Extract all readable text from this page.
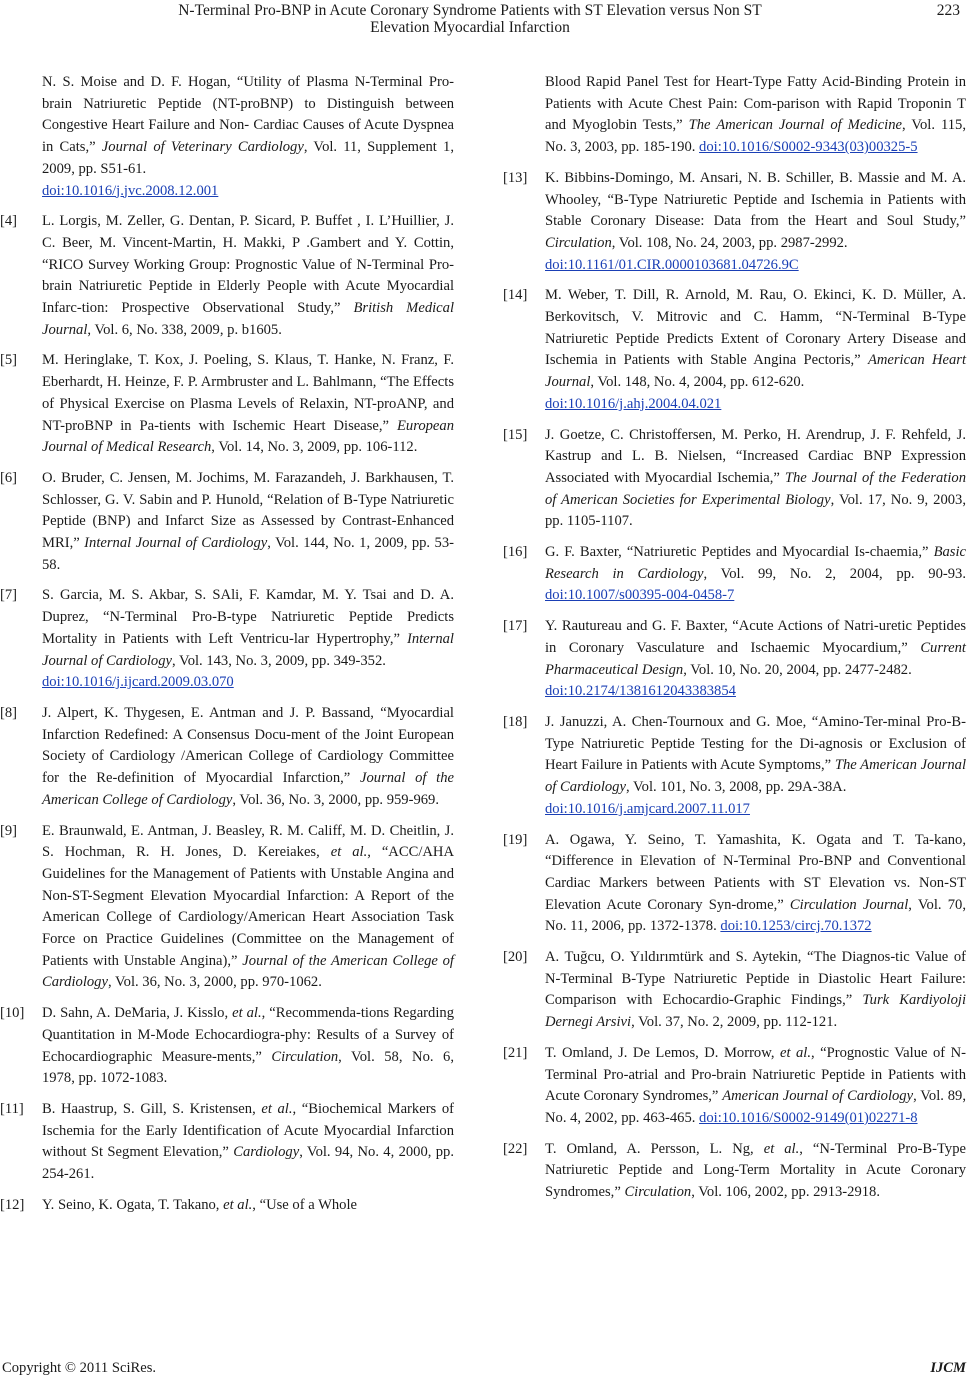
N-Terminal Pro-BNP in Acute Coronary Syndrome Patients with ST Elevation versus Non ST
Elevation Myocardial Infarction
223
N. S. Moise and D. F. Hogan, “Utility of Plasma N-Terminal Pro-brain Natriuretic Peptide (NT-proBNP) to Distinguish between Congestive Heart Failure and Non- Cardiac Causes of Acute Dyspnea in Cats,” Journal of Veterinary Cardiology, Vol. 11, Supplement 1, 2009, pp. S51-61.
doi:10.1016/j.jvc.2008.12.001
[4]	L. Lorgis, M. Zeller, G. Dentan, P. Sicard, P. Buffet , I. L’Huillier, J. C. Beer, M. Vincent-Martin, H. Makki, P .Gambert and Y. Cottin, “RICO Survey Working Group: Prognostic Value of N-Terminal Pro-brain Natriuretic Peptide in Elderly People with Acute Myocardial Infarc-tion: Prospective Observational Study,” British Medical Journal, Vol. 6, No. 338, 2009, p. b1605.
[5]	M. Heringlake, T. Kox, J. Poeling, S. Klaus, T. Hanke, N. Franz, F. Eberhardt, H. Heinze, F. P. Armbruster and L. Bahlmann, “The Effects of Physical Exercise on Plasma Levels of Relaxin, NT-proANP, and NT-proBNP in Pa-tients with Ischemic Heart Disease,” European Journal of Medical Research, Vol. 14, No. 3, 2009, pp. 106-112.
[6]	O. Bruder, C. Jensen, M. Jochims, M. Farazandeh, J. Barkhausen, T. Schlosser, G. V. Sabin and P. Hunold, “Relation of B-Type Natriuretic Peptide (BNP) and Infarct Size as Assessed by Contrast-Enhanced MRI,” Internal Journal of Cardiology, Vol. 144, No. 1, 2009, pp. 53-58.
[7]	S. Garcia, M. S. Akbar, S. SAli, F. Kamdar, M. Y. Tsai and D. A. Duprez, “N-Terminal Pro-B-type Natriuretic Peptide Predicts Mortality in Patients with Left Ventricu-lar Hypertrophy,” Internal Journal of Cardiology, Vol. 143, No. 3, 2009, pp. 349-352.
doi:10.1016/j.ijcard.2009.03.070
[8]	J. Alpert, K. Thygesen, E. Antman and J. P. Bassand, “Myocardial Infarction Redefined: A Consensus Docu-ment of the Joint European Society of Cardiology /American College of Cardiology Committee for the Re-definition of Myocardial Infarction,” Journal of the American College of Cardiology, Vol. 36, No. 3, 2000, pp. 959-969.
[9]	E. Braunwald, E. Antman, J. Beasley, R. M. Califf, M. D. Cheitlin, J. S. Hochman, R. H. Jones, D. Kereiakes, et al., “ACC/AHA Guidelines for the Management of Patients with Unstable Angina and Non-ST-Segment Elevation Myocardial Infarction: A Report of the American College of Cardiology/American Heart Association Task Force on Practice Guidelines (Committee on the Management of Patients with Unstable Angina),” Journal of the American College of Cardiology, Vol. 36, No. 3, 2000, pp. 970-1062.
[10]	D. Sahn, A. DeMaria, J. Kisslo, et al., “Recommenda-tions Regarding Quantitation in M-Mode Echocardiogra-phy: Results of a Survey of Echocardiographic Measure-ments,” Circulation, Vol. 58, No. 6, 1978, pp. 1072-1083.
[11]	B. Haastrup, S. Gill, S. Kristensen, et al., “Biochemical Markers of Ischemia for the Early Identification of Acute Myocardial Infarction without St Segment Elevation,” Cardiology, Vol. 94, No. 4, 2000, pp. 254-261.
[12]	Y. Seino, K. Ogata, T. Takano, et al., “Use of a Whole
Blood Rapid Panel Test for Heart-Type Fatty Acid-Binding Protein in Patients with Acute Chest Pain: Com-parison with Rapid Troponin T and Myoglobin Tests,” The American Journal of Medicine, Vol. 115, No. 3, 2003, pp. 185-190. doi:10.1016/S0002-9343(03)00325-5
[13]	K. Bibbins-Domingo, M. Ansari, N. B. Schiller, B. Massie and M. A. Whooley, “B-Type Natriuretic Peptide and Ischemia in Patients with Stable Coronary Disease: Data from the Heart and Soul Study,” Circulation, Vol. 108, No. 24, 2003, pp. 2987-2992.
doi:10.1161/01.CIR.0000103681.04726.9C
[14]	M. Weber, T. Dill, R. Arnold, M. Rau, O. Ekinci, K. D. Müller, A. Berkovitsch, V. Mitrovic and C. Hamm, “N-Terminal B-Type Natriuretic Peptide Predicts Extent of Coronary Artery Disease and Ischemia in Patients with Stable Angina Pectoris,” American Heart Journal, Vol. 148, No. 4, 2004, pp. 612-620.
doi:10.1016/j.ahj.2004.04.021
[15]	J. Goetze, C. Christoffersen, M. Perko, H. Arendrup, J. F. Rehfeld, J. Kastrup and L. B. Nielsen, “Increased Cardiac BNP Expression Associated with Myocardial Ischemia,” The Journal of the Federation of American Societies for Experimental Biology, Vol. 17, No. 9, 2003, pp. 1105-1107.
[16]	G. F. Baxter, “Natriuretic Peptides and Myocardial Is-chaemia,” Basic Research in Cardiology, Vol. 99, No. 2, 2004, pp. 90-93. doi:10.1007/s00395-004-0458-7
[17]	Y. Rautureau and G. F. Baxter, “Acute Actions of Natri-uretic Peptides in Coronary Vasculature and Ischaemic Myocardium,” Current Pharmaceutical Design, Vol. 10, No. 20, 2004, pp. 2477-2482.
doi:10.2174/1381612043383854
[18]	J. Januzzi, A. Chen-Tournoux and G. Moe, “Amino-Ter-minal Pro-B-Type Natriuretic Peptide Testing for the Di-agnosis or Exclusion of Heart Failure in Patients with Acute Symptoms,” The American Journal of Cardiology, Vol. 101, No. 3, 2008, pp. 29A-38A.
doi:10.1016/j.amjcard.2007.11.017
[19]	A. Ogawa, Y. Seino, T. Yamashita, K. Ogata and T. Ta-kano, “Difference in Elevation of N-Terminal Pro-BNP and Conventional Cardiac Markers between Patients with ST Elevation vs. Non-ST Elevation Acute Coronary Syn-drome,” Circulation Journal, Vol. 70, No. 11, 2006, pp. 1372-1378. doi:10.1253/circj.70.1372
[20]	A. Tuğcu, O. Yıldırımtürk and S. Aytekin, “The Diagnos-tic Value of N-Terminal B-Type Natriuretic Peptide in Diastolic Heart Failure: Comparison with Echocardio-Graphic Findings,” Turk Kardiyoloji Dernegi Arsivi, Vol. 37, No. 2, 2009, pp. 112-121.
[21]	T. Omland, J. De Lemos, D. Morrow, et al., “Prognostic Value of N-Terminal Pro-atrial and Pro-brain Natriuretic Peptide in Patients with Acute Coronary Syndromes,” American Journal of Cardiology, Vol. 89, No. 4, 2002, pp. 463-465. doi:10.1016/S0002-9149(01)02271-8
[22]	T. Omland, A. Persson, L. Ng, et al., “N-Terminal Pro-B-Type Natriuretic Peptide and Long-Term Mortality in Acute Coronary Syndromes,” Circulation, Vol. 106, 2002, pp. 2913-2918.
Copyright © 2011 SciRes.	IJCM
